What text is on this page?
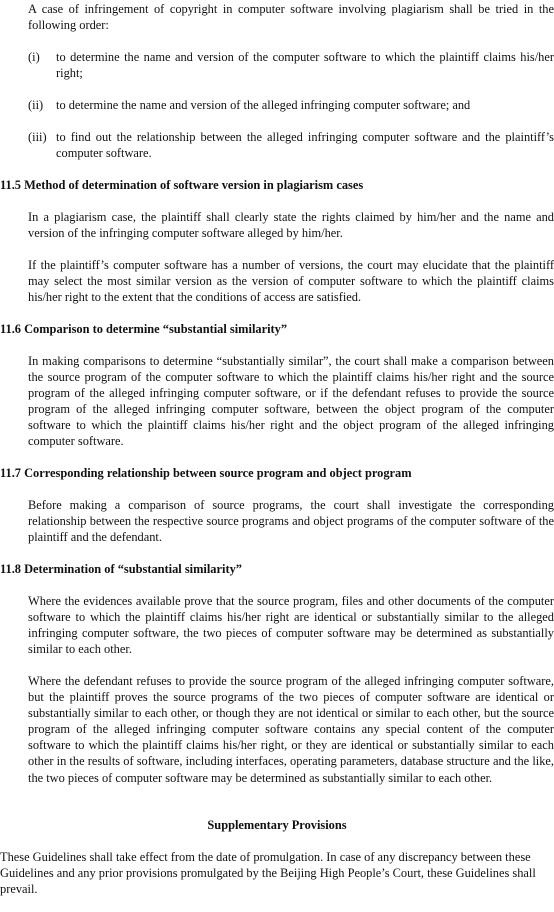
A case of infringement of copyright in computer software involving plagiarism shall be tried in the following order:

(i) to determine the name and version of the computer software to which the plaintiff claims his/her right;
(ii) to determine the name and version of the alleged infringing computer software; and
(iii) to find out the relationship between the alleged infringing computer software and the plaintiff’s computer software.
11.5 Method of determination of software version in plagiarism cases

In a plagiarism case, the plaintiff shall clearly state the rights claimed by him/her and the name and version of the infringing computer software alleged by him/her.

If the plaintiff’s computer software has a number of versions, the court may elucidate that the plaintiff may select the most similar version as the version of computer software to which the plaintiff claims his/her right to the extent that the conditions of access are satisfied.

11.6 Comparison to determine “substantial similarity”

In making comparisons to determine “substantially similar”, the court shall make a comparison between the source program of the computer software to which the plaintiff claims his/her right and the source program of the alleged infringing computer software, or if the defendant refuses to provide the source program of the alleged infringing computer software, between the object program of the computer software to which the plaintiff claims his/her right and the object program of the alleged infringing computer software.

11.7 Corresponding relationship between source program and object program

Before making a comparison of source programs, the court shall investigate the corresponding relationship between the respective source programs and object programs of the computer software of the plaintiff and the defendant.

11.8 Determination of “substantial similarity”

Where the evidences available prove that the source program, files and other documents of the computer software to which the plaintiff claims his/her right are identical or substantially similar to the alleged infringing computer software, the two pieces of computer software may be determined as substantially similar to each other.

Where the defendant refuses to provide the source program of the alleged infringing computer software, but the plaintiff proves the source programs of the two pieces of computer software are identical or substantially similar to each other, or though they are not identical or similar to each other, but the source program of the alleged infringing computer software contains any special content of the computer software to which the plaintiff claims his/her right, or they are identical or substantially similar to each other in the results of software, including interfaces, operating parameters, database structure and the like, the two pieces of computer software may be determined as substantially similar to each other.

Supplementary Provisions

These Guidelines shall take effect from the date of promulgation. In case of any discrepancy between these Guidelines and any prior provisions promulgated by the Beijing High People’s Court, these Guidelines shall prevail.
